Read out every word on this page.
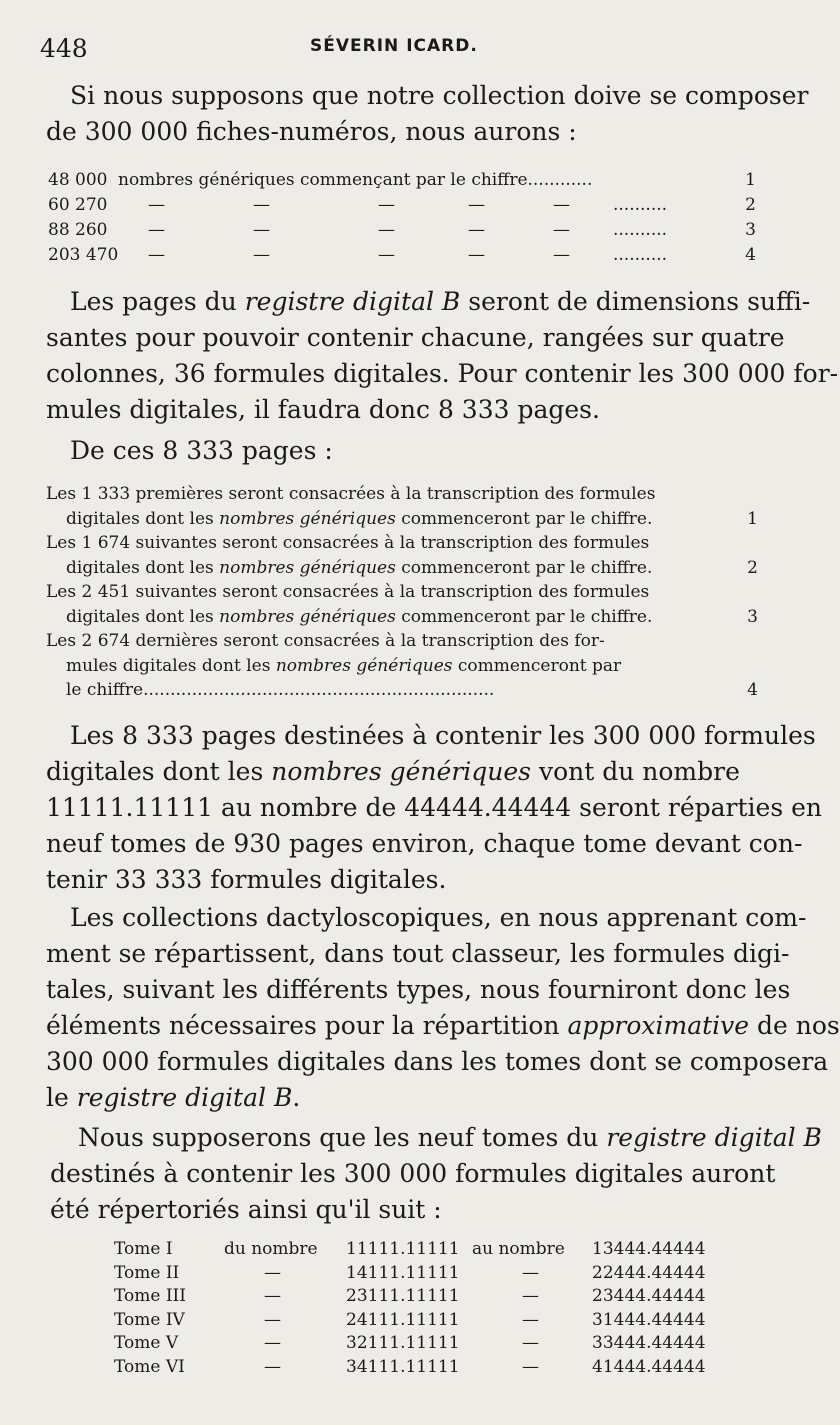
448	SÉVERIN ICARD.
Si nous supposons que notre collection doive se composer
de 300 000 fiches-numéros, nous aurons :
48 000 nombres génériques commençant par le chiffre............	1
60 270 —	—	—	—	—	..........	2
88 260 —	—	—	—	—	..........	3
203 470 —	—	—	—	—	..........	4
Les pages du registre digital B seront de dimensions suffi-
santes pour pouvoir contenir chacune, rangées sur quatre
colonnes, 36 formules digitales. Pour contenir les 300 000 for-
mules digitales, il faudra donc 8 333 pages.
De ces 8 333 pages :
Les 1 333 premières seront consacrées à la transcription des formules
digitales dont les nombres génériques commenceront par le chiffre.	1
Les 1 674 suivantes seront consacrées à la transcription des formules
digitales dont les nombres génériques commenceront par le chiffre.	2
Les 2 451 suivantes seront consacrées à la transcription des formules
digitales dont les nombres génériques commenceront par le chiffre.	3
Les 2 674 dernières seront consacrées à la transcription des for-
mules digitales dont les nombres génériques commenceront par
le chiffre.................................................................	4
Les 8 333 pages destinées à contenir les 300 000 formules
digitales dont les nombres génériques vont du nombre
11111.11111 au nombre de 44444.44444 seront réparties en
neuf tomes de 930 pages environ, chaque tome devant con-
tenir 33 333 formules digitales.
Les collections dactyloscopiques, en nous apprenant com-
ment se répartissent, dans tout classeur, les formules digi-
tales, suivant les différents types, nous fourniront donc les
éléments nécessaires pour la répartition approximative de nos
300 000 formules digitales dans les tomes dont se composera
le registre digital B.
Nous supposerons que les neuf tomes du registre digital B
destinés à contenir les 300 000 formules digitales auront
été répertoriés ainsi qu'il suit :
Tome I	du nombre 11111.11111 au nombre 13444.44444
Tome II	—	14111.11111	—	22444.44444
Tome III	—	23111.11111	—	23444.44444
Tome IV	—	24111.11111	—	31444.44444
Tome V	—	32111.11111	—	33444.44444
Tome VI	—	34111.11111	—	41444.44444
